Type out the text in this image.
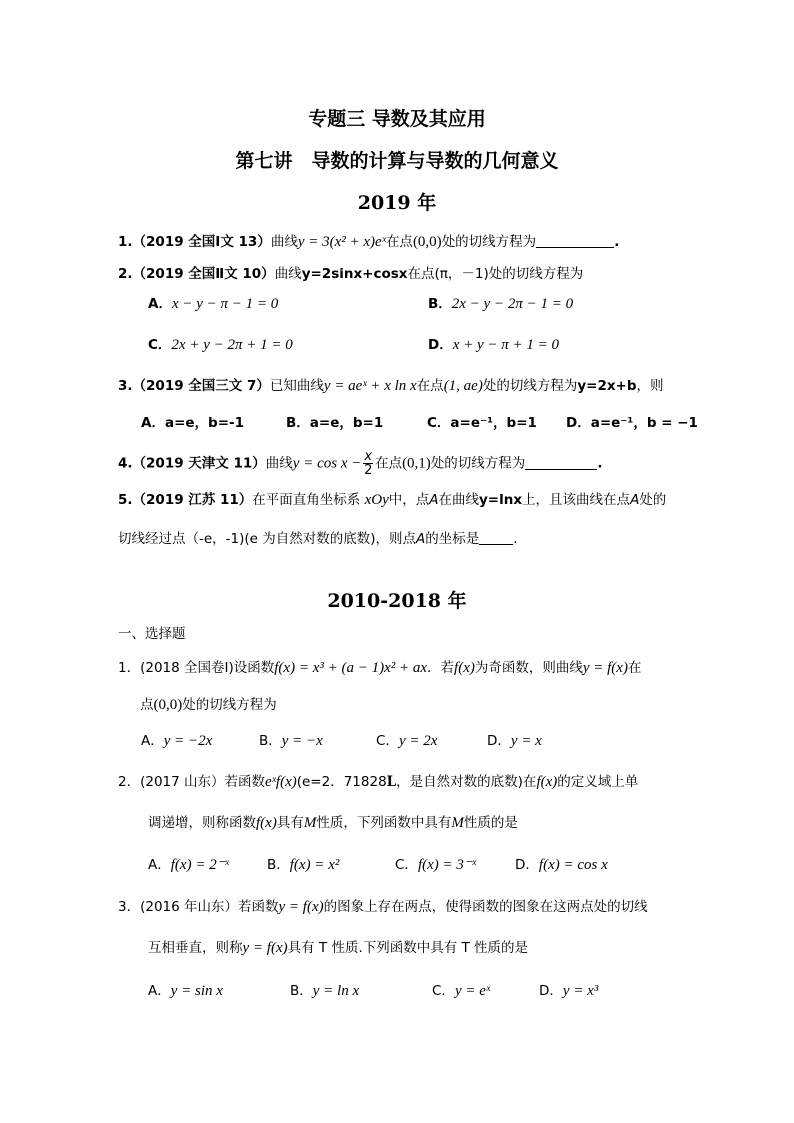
专题三 导数及其应用
第七讲　导数的计算与导数的几何意义
2019 年
1.（2019 全国Ⅰ文 13）曲线y = 3(x² + x)eˣ在点(0,0)处的切线方程为	.
2.（2019 全国Ⅱ文 10）曲线y=2sinx+cosx在点(π，－1)处的切线方程为
A．x − y − π − 1 = 0	B．2x − y − 2π − 1 = 0
C．2x + y − 2π + 1 = 0	D．x + y − π + 1 = 0
3.（2019 全国三文 7）已知曲线y = aeˣ + x ln x在点(1, ae)处的切线方程为y=2x+b，则
A．a=e，b=-1	B．a=e，b=1	C．a=e⁻¹，b=1 D．a=e⁻¹，b = −1
4.（2019 天津文 11）曲线$y = \cos x - \frac{x}{2}$ 在点(0,1)处的切线方程为	.
5.（2019 江苏 11）在平面直角坐标系 xOy中，点A在曲线y=lnx上，且该曲线在点A处的
切线经过点（-e，-1)(e 为自然对数的底数)，则点A的坐标是	.
2010-2018 年
一、选择题
1．(2018 全国卷Ⅰ)设函数f(x) = x³ + (a − 1)x² + ax．若f(x)为奇函数，则曲线y = f(x)在
点(0,0)处的切线方程为
A．y = −2x	B．y = −x	C．y = 2x	D．y = x
2．(2017 山东）若函数eˣf(x)(e=2．71828L，是自然对数的底数)在f(x)的定义域上单
调递增，则称函数f(x)具有M性质，下列函数中具有M性质的是
A．f(x) = 2⁻ˣ	B．f(x) = x²	C．f(x) = 3⁻ˣ	D．f(x) = cos x
3．(2016 年山东）若函数y = f(x)的图象上存在两点，使得函数的图象在这两点处的切线
互相垂直，则称y = f(x)具有 T 性质.下列函数中具有 T 性质的是
A．y = sin x	B．y = ln x	C．y = eˣ	D．y = x³
